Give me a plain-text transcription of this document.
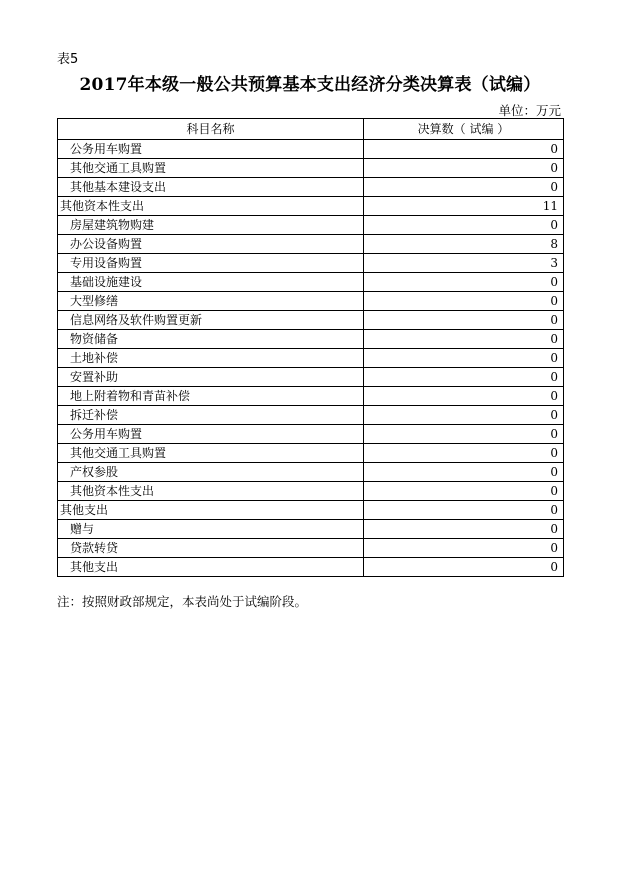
表5
2017年本级一般公共预算基本支出经济分类决算表（试编）
单位：万元
科目名称	决算数（ 试编 ）
公务用车购置	0
其他交通工具购置	0
其他基本建设支出	0
其他资本性支出	11
房屋建筑物购建	0
办公设备购置	8
专用设备购置	3
基础设施建设	0
大型修缮	0
信息网络及软件购置更新	0
物资储备	0
土地补偿	0
安置补助	0
地上附着物和青苗补偿	0
拆迁补偿	0
公务用车购置	0
其他交通工具购置	0
产权参股	0
其他资本性支出	0
其他支出	0
赠与	0
贷款转贷	0
其他支出	0
注：按照财政部规定，本表尚处于试编阶段。
